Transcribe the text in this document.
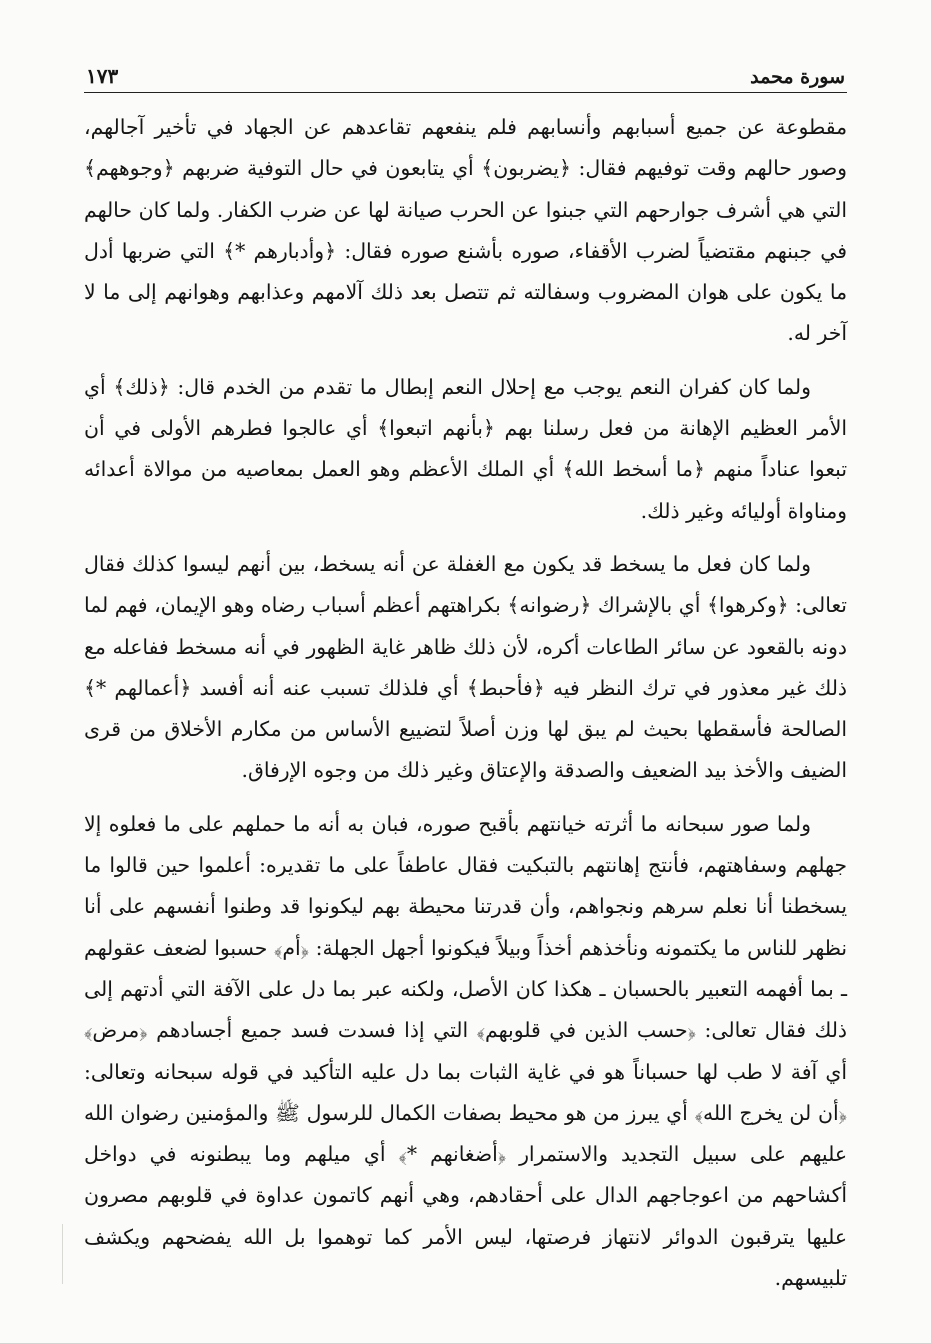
سورة محمد
١٧٣

مقطوعة عن جميع أسبابهم وأنسابهم فلم ينفعهم تقاعدهم عن الجهاد في تأخير آجالهم، وصور حالهم وقت توفيهم فقال: ﴿يضربون﴾ أي يتابعون في حال التوفية ضربهم ﴿وجوههم﴾ التي هي أشرف جوارحهم التي جبنوا عن الحرب صيانة لها عن ضرب الكفار. ولما كان حالهم في جبنهم مقتضياً لضرب الأقفاء، صوره بأشنع صوره فقال: ﴿وأدبارهم *﴾ التي ضربها أدل ما يكون على هوان المضروب وسفالته ثم تتصل بعد ذلك آلامهم وعذابهم وهوانهم إلى ما لا آخر له.

ولما كان كفران النعم يوجب مع إحلال النعم إبطال ما تقدم من الخدم قال: ﴿ذلك﴾ أي الأمر العظيم الإهانة من فعل رسلنا بهم ﴿بأنهم اتبعوا﴾ أي عالجوا فطرهم الأولى في أن تبعوا عناداً منهم ﴿ما أسخط الله﴾ أي الملك الأعظم وهو العمل بمعاصيه من موالاة أعدائه ومناواة أوليائه وغير ذلك.

ولما كان فعل ما يسخط قد يكون مع الغفلة عن أنه يسخط، بين أنهم ليسوا كذلك فقال تعالى: ﴿وكرهوا﴾ أي بالإشراك ﴿رضوانه﴾ بكراهتهم أعظم أسباب رضاه وهو الإيمان، فهم لما دونه بالقعود عن سائر الطاعات أكره، لأن ذلك ظاهر غاية الظهور في أنه مسخط ففاعله مع ذلك غير معذور في ترك النظر فيه ﴿فأحبط﴾ أي فلذلك تسبب عنه أنه أفسد ﴿أعمالهم *﴾ الصالحة فأسقطها بحيث لم يبق لها وزن أصلاً لتضييع الأساس من مكارم الأخلاق من قرى الضيف والأخذ بيد الضعيف والصدقة والإعتاق وغير ذلك من وجوه الإرفاق.

ولما صور سبحانه ما أثرته خيانتهم بأقبح صوره، فبان به أنه ما حملهم على ما فعلوه إلا جهلهم وسفاهتهم، فأنتج إهانتهم بالتبكيت فقال عاطفاً على ما تقديره: أعلموا حين قالوا ما يسخطنا أنا نعلم سرهم ونجواهم، وأن قدرتنا محيطة بهم ليكونوا قد وطنوا أنفسهم على أنا نظهر للناس ما يكتمونه ونأخذهم أخذاً وبيلاً فيكونوا أجهل الجهلة: ﴿أم﴾ حسبوا لضعف عقولهم ـ بما أفهمه التعبير بالحسبان ـ هكذا كان الأصل، ولكنه عبر بما دل على الآفة التي أدتهم إلى ذلك فقال تعالى: ﴿حسب الذين في قلوبهم﴾ التي إذا فسدت فسد جميع أجسادهم ﴿مرض﴾ أي آفة لا طب لها حسباناً هو في غاية الثبات بما دل عليه التأكيد في قوله سبحانه وتعالى: ﴿أن لن يخرج الله﴾ أي يبرز من هو محيط بصفات الكمال للرسول ﷺ والمؤمنين رضوان الله عليهم على سبيل التجديد والاستمرار ﴿أضغانهم *﴾ أي ميلهم وما يبطنونه في دواخل أكشاحهم من اعوجاجهم الدال على أحقادهم، وهي أنهم كاتمون عداوة في قلوبهم مصرون عليها يترقبون الدوائر لانتهاز فرصتها، ليس الأمر كما توهموا بل الله يفضحهم ويكشف تلبيسهم.
